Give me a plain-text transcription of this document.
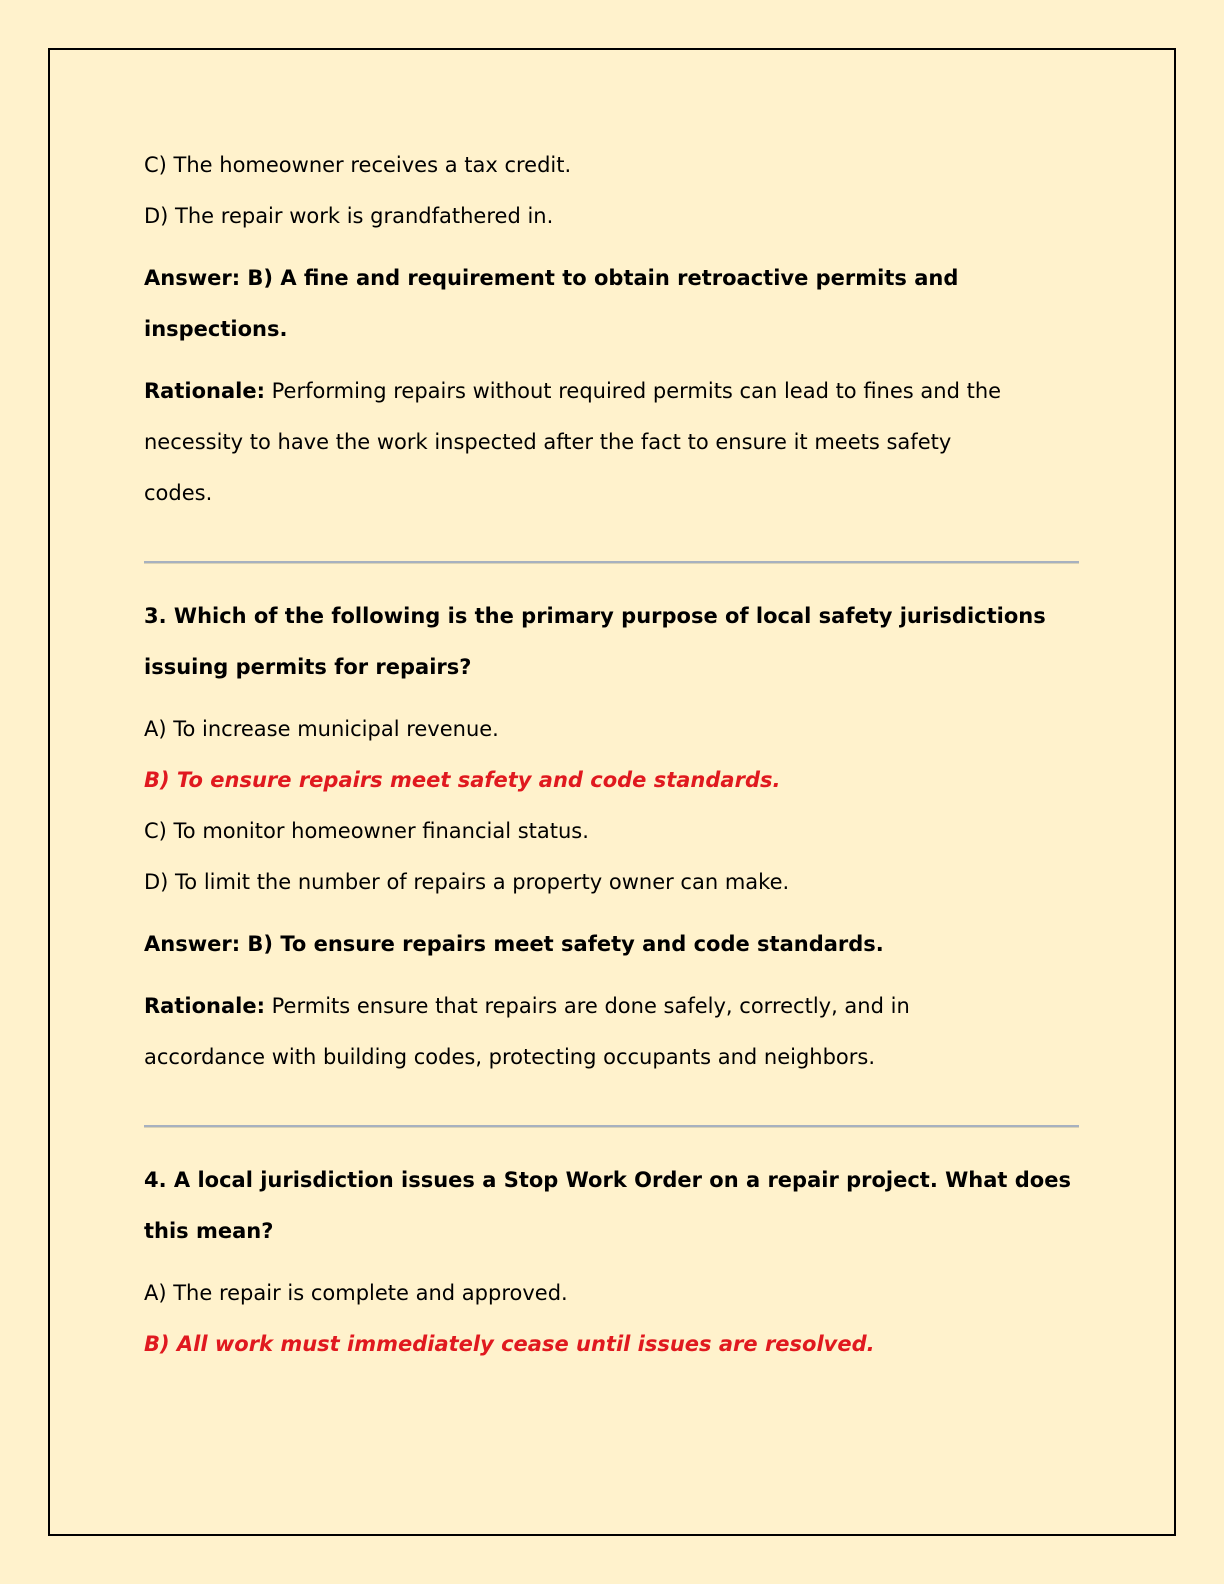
C) The homeowner receives a tax credit.
D) The repair work is grandfathered in.
Answer: B) A fine and requirement to obtain retroactive permits and
inspections.
Rationale: Performing repairs without required permits can lead to fines and the
necessity to have the work inspected after the fact to ensure it meets safety
codes.
3. Which of the following is the primary purpose of local safety jurisdictions
issuing permits for repairs?
A) To increase municipal revenue.
B) To ensure repairs meet safety and code standards.
C) To monitor homeowner financial status.
D) To limit the number of repairs a property owner can make.
Answer: B) To ensure repairs meet safety and code standards.
Rationale: Permits ensure that repairs are done safely, correctly, and in
accordance with building codes, protecting occupants and neighbors.
4. A local jurisdiction issues a Stop Work Order on a repair project. What does
this mean?
A) The repair is complete and approved.
B) All work must immediately cease until issues are resolved.
